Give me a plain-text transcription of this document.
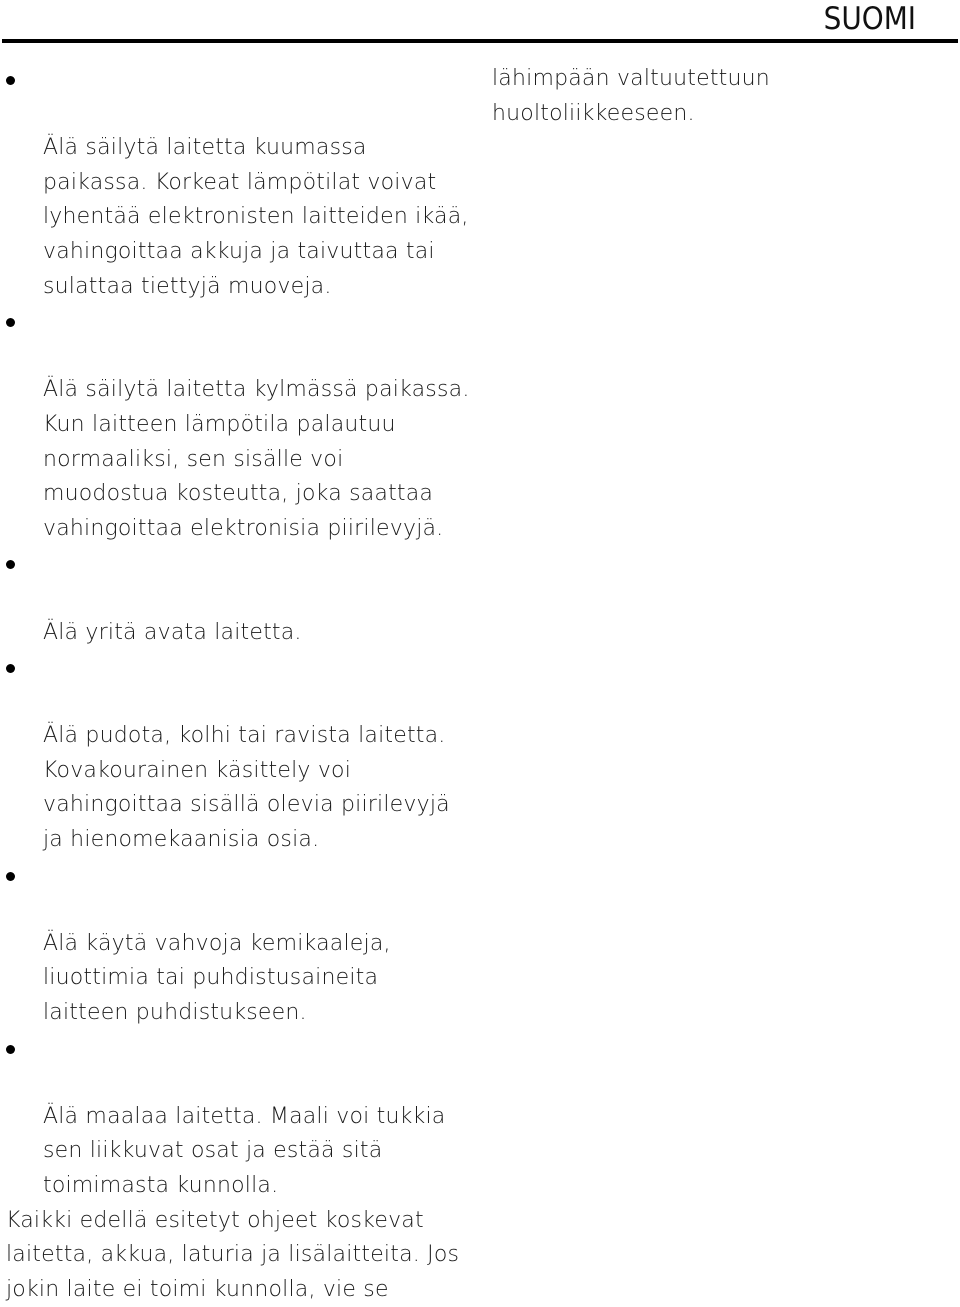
SUOMI

Älä säilytä laitetta kuumassa
paikassa. Korkeat lämpötilat voivat
lyhentää elektronisten laitteiden ikää,
vahingoittaa akkuja ja taivuttaa tai
sulattaa tiettyjä muoveja.

Älä säilytä laitetta kylmässä paikassa.
Kun laitteen lämpötila palautuu
normaaliksi, sen sisälle voi
muodostua kosteutta, joka saattaa
vahingoittaa elektronisia piirilevyjä.

Älä yritä avata laitetta.

Älä pudota, kolhi tai ravista laitetta.
Kovakourainen käsittely voi
vahingoittaa sisällä olevia piirilevyjä
ja hienomekaanisia osia.

Älä käytä vahvoja kemikaaleja,
liuottimia tai puhdistusaineita
laitteen puhdistukseen.

Älä maalaa laitetta. Maali voi tukkia
sen liikkuvat osat ja estää sitä
toimimasta kunnolla.

Kaikki edellä esitetyt ohjeet koskevat
laitetta, akkua, laturia ja lisälaitteita. Jos
jokin laite ei toimi kunnolla, vie se

lähimpään valtuutettuun
huoltoliikkeeseen.
